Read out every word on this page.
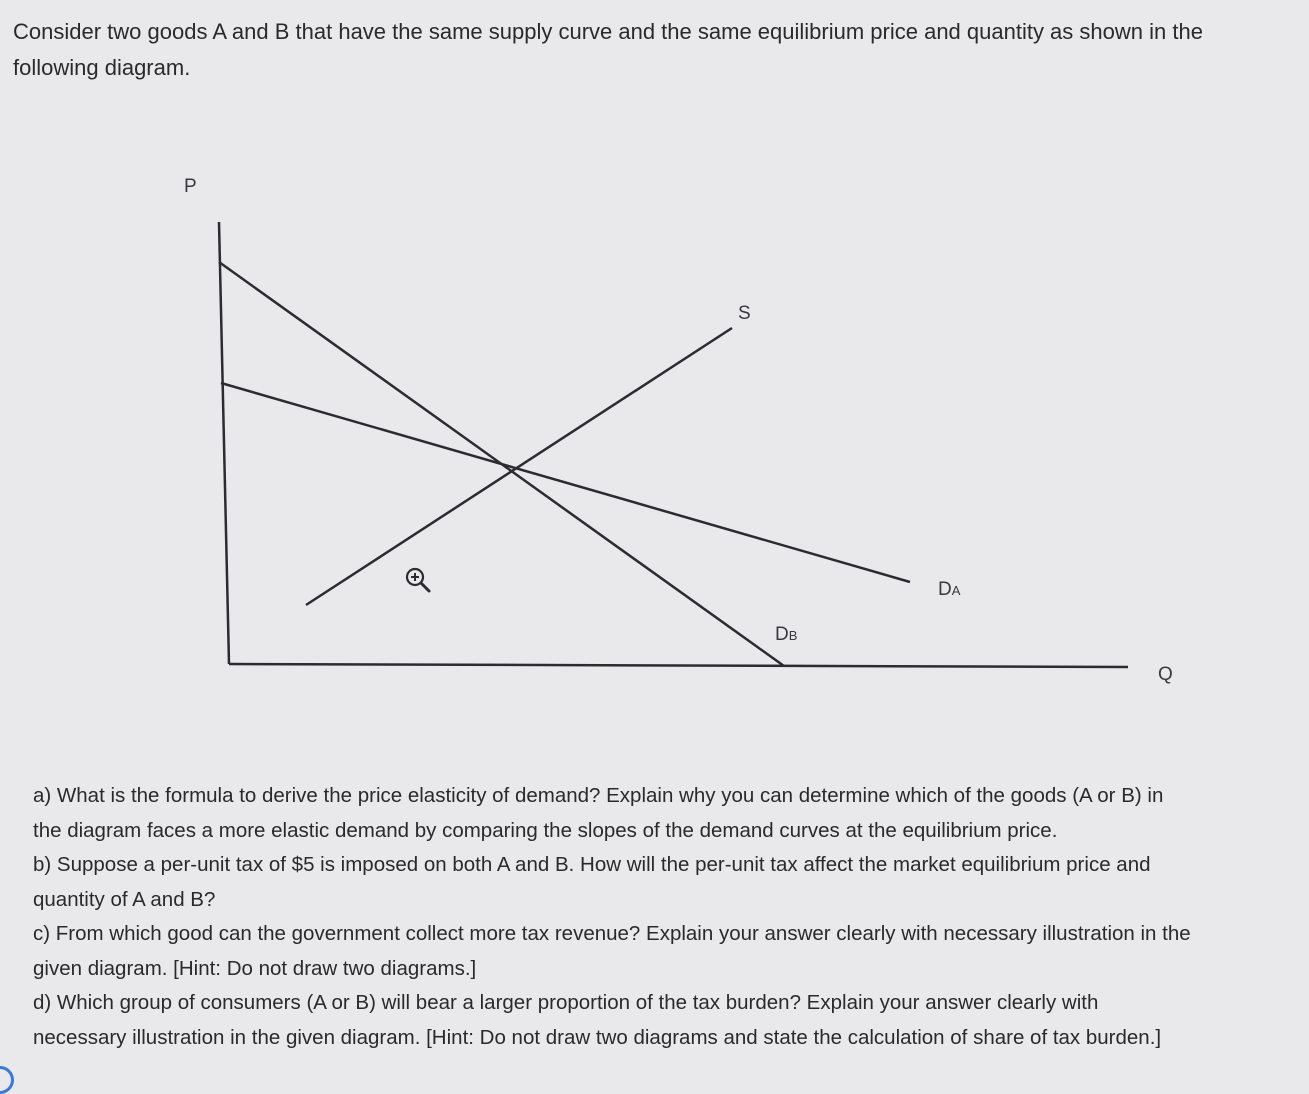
Consider two goods A and B that have the same supply curve and the same equilibrium price and quantity as shown in the
following diagram.
P
Q
S
DA
DB
a) What is the formula to derive the price elasticity of demand? Explain why you can determine which of the goods (A or B) in
the diagram faces a more elastic demand by comparing the slopes of the demand curves at the equilibrium price.
b) Suppose a per-unit tax of $5 is imposed on both A and B. How will the per-unit tax affect the market equilibrium price and
quantity of A and B?
c) From which good can the government collect more tax revenue? Explain your answer clearly with necessary illustration in the
given diagram. [Hint: Do not draw two diagrams.]
d) Which group of consumers (A or B) will bear a larger proportion of the tax burden? Explain your answer clearly with
necessary illustration in the given diagram. [Hint: Do not draw two diagrams and state the calculation of share of tax burden.]
